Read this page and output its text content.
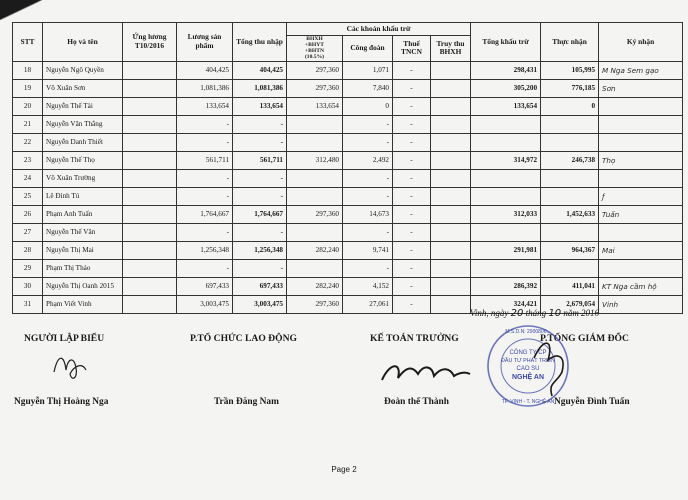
STT	Họ và tên	Ứng lương T10/2016	Lương sản phẩm	Tổng thu nhập	Các khoản khấu trừ				Tổng khấu trừ	Thực nhận	Ký nhận

					BHXH
+BHYT
+BHTN
(10.5%)	Công đoàn	Thuế TNCN	Truy thu BHXH			
18	Nguyễn Ngô Quyền		404,425	404,425	297,360	1,071	-		298,431	105,995	M Nga Sem gạo
19	Võ Xuân Sơn		1,081,386	1,081,386	297,360	7,840	-		305,200	776,185	Sơn
20	Nguyễn Thế Tài		133,654	133,654	133,654	0	-		133,654	0	
21	Nguyễn Văn Thắng		-	-		-	-				
22	Nguyễn Danh Thiết		-	-		-	-				
23	Nguyễn Thế Thọ		561,711	561,711	312,480	2,492	-		314,972	246,738	Thọ
24	Võ Xuân Trường		-	-		-	-				
25	Lê Đình Tú		-	-		-	-				ƒ
26	Phạm Anh Tuấn		1,764,667	1,764,667	297,360	14,673	-		312,033	1,452,633	Tuấn
27	Nguyễn Thế Văn		-	-		-	-				
28	Nguyễn Thị Mai		1,256,348	1,256,348	282,240	9,741	-		291,981	964,367	Mai
29	Phạm Thị Thảo		-	-		-	-				
30	Nguyễn Thị Oanh 2015		697,433	697,433	282,240	4,152	-		286,392	411,041	KT Nga cầm hộ
31	Phạm Viết Vinh		3,003,475	3,003,475	297,360	27,061	-		324,421	2,679,054	Vinh
Vinh, ngày 20 tháng 10 năm 2016
NGƯỜI LẬP BIỂU	P.TỔ CHỨC LAO ĐỘNG	KẾ TOÁN TRƯỞNG	P.TỔNG GIÁM ĐỐC
CÔNG TY CP
ĐẦU TƯ PHÁT TRIỂN
CAO SU
NGHỆ AN
M.S.D.N: 2900806...
TP. VINH - T. NGHỆ AN
Nguyễn Thị Hoàng Nga	Trần Đăng Nam	Đoàn thế Thành	Nguyễn Đình Tuấn
Page 2
